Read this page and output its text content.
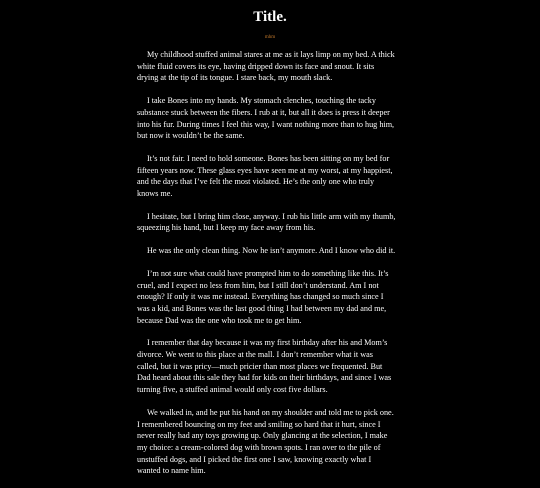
Title.
mhm

My childhood stuffed animal stares at me as it lays limp on my bed. A thick
white fluid covers its eye, having dripped down its face and snout. It sits
drying at the tip of its tongue. I stare back, my mouth slack.

I take Bones into my hands. My stomach clenches, touching the tacky
substance stuck between the fibers. I rub at it, but all it does is press it deeper
into his fur. During times I feel this way, I want nothing more than to hug him,
but now it wouldn’t be the same.

It’s not fair. I need to hold someone. Bones has been sitting on my bed for
fifteen years now. These glass eyes have seen me at my worst, at my happiest,
and the days that I’ve felt the most violated. He’s the only one who truly
knows me.

I hesitate, but I bring him close, anyway. I rub his little arm with my thumb,
squeezing his hand, but I keep my face away from his.

He was the only clean thing. Now he isn’t anymore. And I know who did it.

I’m not sure what could have prompted him to do something like this. It’s
cruel, and I expect no less from him, but I still don’t understand. Am I not
enough? If only it was me instead. Everything has changed so much since I
was a kid, and Bones was the last good thing I had between my dad and me,
because Dad was the one who took me to get him.

I remember that day because it was my first birthday after his and Mom’s
divorce. We went to this place at the mall. I don’t remember what it was
called, but it was pricy—much pricier than most places we frequented. But
Dad heard about this sale they had for kids on their birthdays, and since I was
turning five, a stuffed animal would only cost five dollars.

We walked in, and he put his hand on my shoulder and told me to pick one.
I remembered bouncing on my feet and smiling so hard that it hurt, since I
never really had any toys growing up. Only glancing at the selection, I make
my choice: a cream-colored dog with brown spots. I ran over to the pile of
unstuffed dogs, and I picked the first one I saw, knowing exactly what I
wanted to name him.
